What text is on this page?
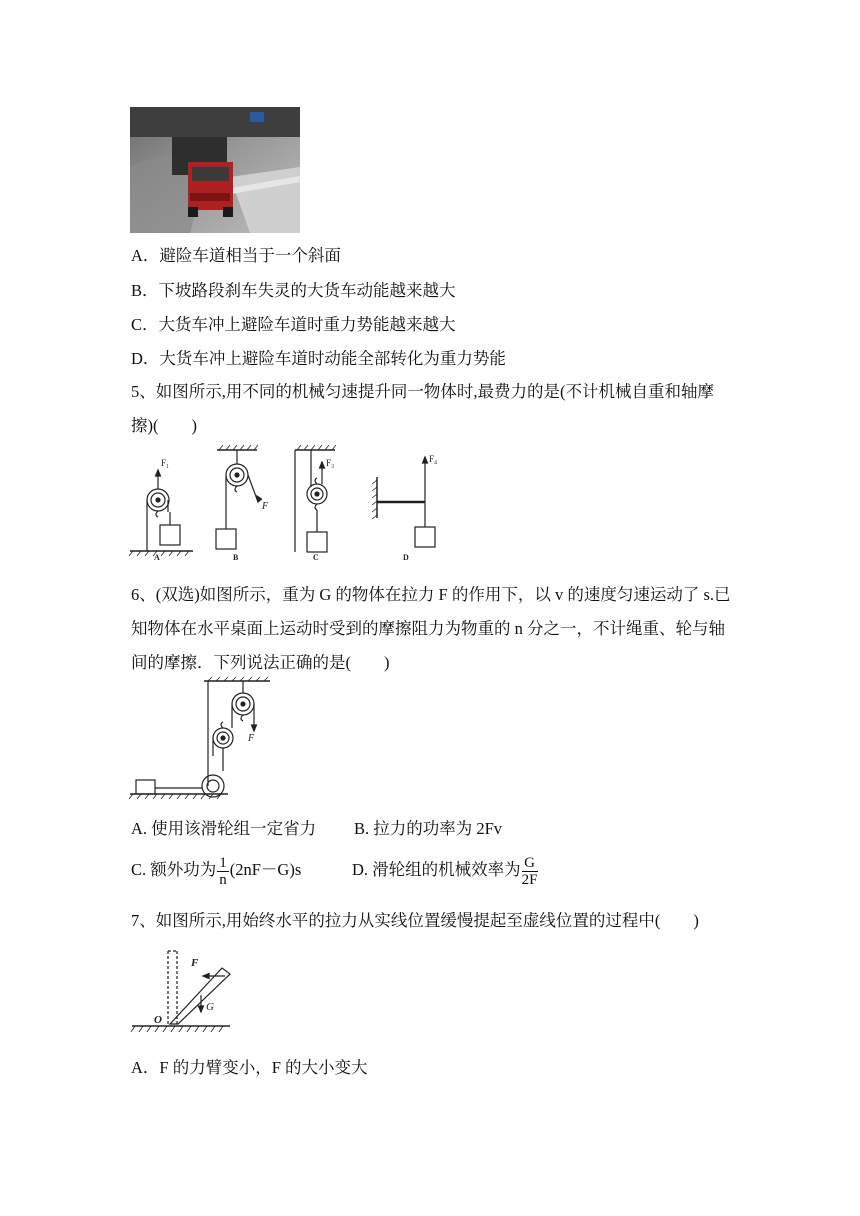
A．避险车道相当于一个斜面
B．下坡路段刹车失灵的大货车动能越来越大
C．大货车冲上避险车道时重力势能越来越大
D．大货车冲上避险车道时动能全部转化为重力势能
5、如图所示,用不同的机械匀速提升同一物体时,最费力的是(不计机械自重和轴摩擦)(　　)
F₁
A
F
B
F₃
C
F₄
D
6、(双选)如图所示，重为 G 的物体在拉力 F 的作用下，以 v 的速度匀速运动了 s.已知物体在水平桌面上运动时受到的摩擦阻力为物重的 n 分之一，不计绳重、轮与轴间的摩擦．下列说法正确的是(　　)
F
A. 使用该滑轮组一定省力 B. 拉力的功率为 2Fv
C. 额外功为 $\frac{1}{n} (2nF-G)s$	D. 滑轮组的机械效率为 $\frac{G}{2F}$
7、如图所示,用始终水平的拉力从实线位置缓慢提起至虚线位置的过程中(　　)
F
G
O
A．F 的力臂变小，F 的大小变大
